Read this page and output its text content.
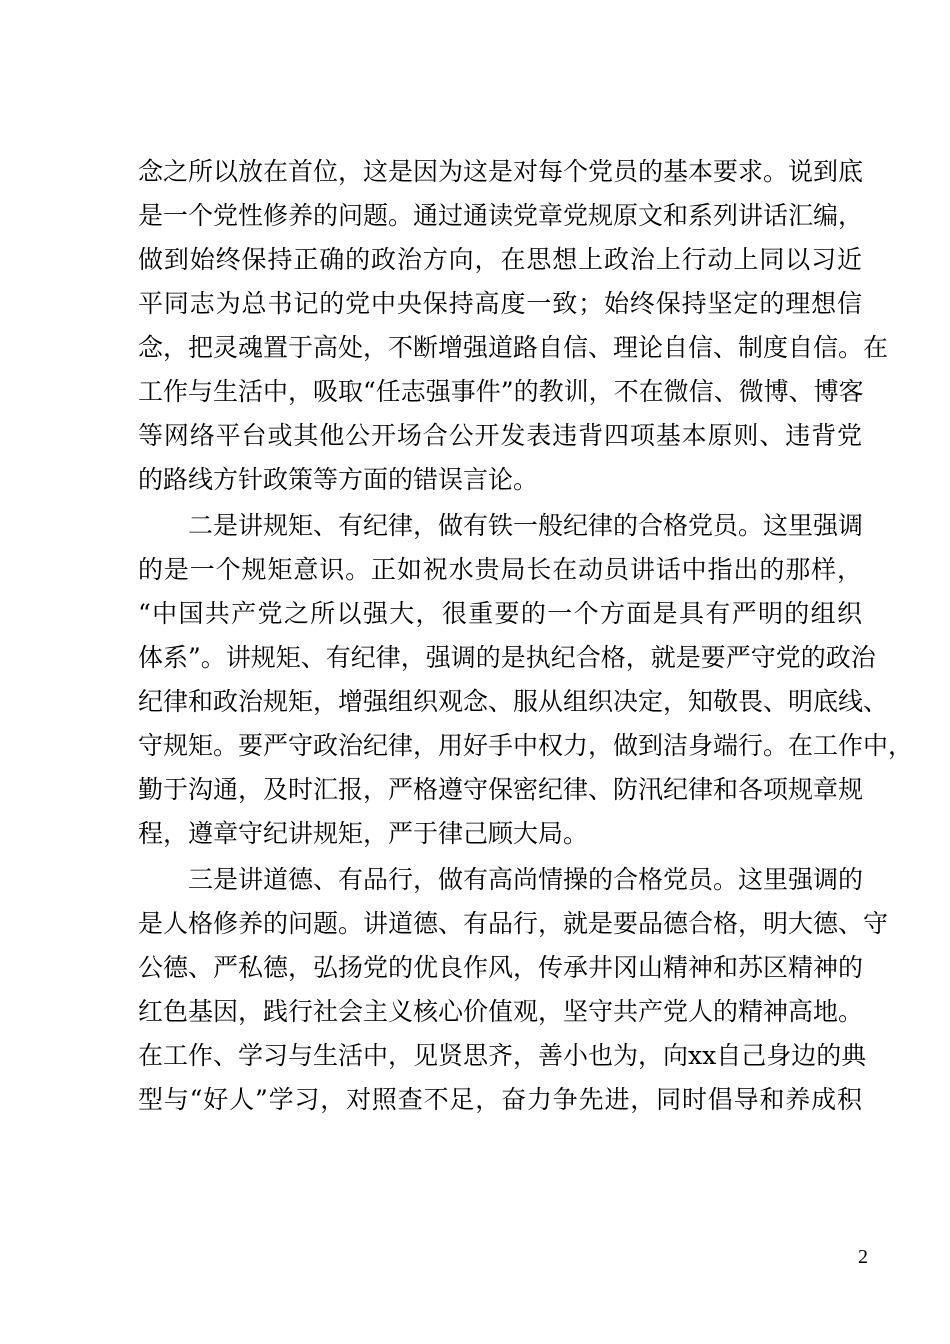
念之所以放在首位，这是因为这是对每个党员的基本要求。说到底
是一个党性修养的问题。通过通读党章党规原文和系列讲话汇编，
做到始终保持正确的政治方向，在思想上政治上行动上同以习近
平同志为总书记的党中央保持高度一致；始终保持坚定的理想信
念，把灵魂置于高处，不断增强道路自信、理论自信、制度自信。在
工作与生活中，吸取“任志强事件”的教训，不在微信、微博、博客
等网络平台或其他公开场合公开发表违背四项基本原则、违背党
的路线方针政策等方面的错误言论。
二是讲规矩、有纪律，做有铁一般纪律的合格党员。这里强调
的是一个规矩意识。正如祝水贵局长在动员讲话中指出的那样，
“中国共产党之所以强大，很重要的一个方面是具有严明的组织
体系”。讲规矩、有纪律，强调的是执纪合格，就是要严守党的政治
纪律和政治规矩，增强组织观念、服从组织决定，知敬畏、明底线、
守规矩。要严守政治纪律，用好手中权力，做到洁身端行。在工作中，
勤于沟通，及时汇报，严格遵守保密纪律、防汛纪律和各项规章规
程，遵章守纪讲规矩，严于律己顾大局。
三是讲道德、有品行，做有高尚情操的合格党员。这里强调的
是人格修养的问题。讲道德、有品行，就是要品德合格，明大德、守
公德、严私德，弘扬党的优良作风，传承井冈山精神和苏区精神的
红色基因，践行社会主义核心价值观，坚守共产党人的精神高地。
在工作、学习与生活中，见贤思齐，善小也为，向xx自己身边的典
型与“好人”学习，对照查不足，奋力争先进，同时倡导和养成积
2
